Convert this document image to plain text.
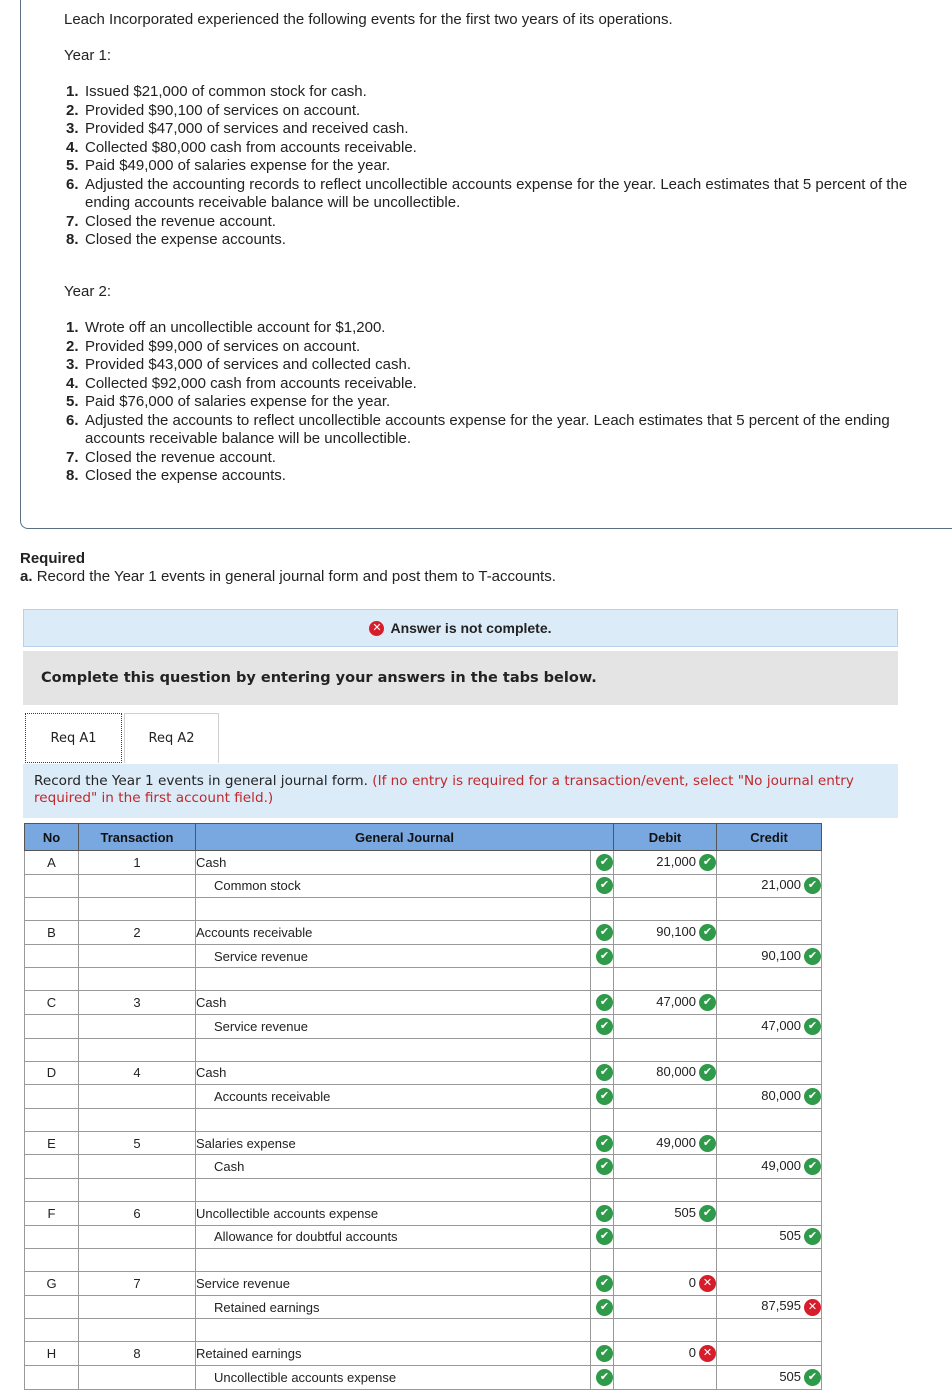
Leach Incorporated experienced the following events for the first two years of its operations.
Year 1:
1. Issued $21,000 of common stock for cash.
2. Provided $90,100 of services on account.
3. Provided $47,000 of services and received cash.
4. Collected $80,000 cash from accounts receivable.
5. Paid $49,000 of salaries expense for the year.
6. Adjusted the accounting records to reflect uncollectible accounts expense for the year. Leach estimates that 5 percent of the ending accounts receivable balance will be uncollectible.
7. Closed the revenue account.
8. Closed the expense accounts.
Year 2:
1. Wrote off an uncollectible account for $1,200.
2. Provided $99,000 of services on account.
3. Provided $43,000 of services and collected cash.
4. Collected $92,000 cash from accounts receivable.
5. Paid $76,000 of salaries expense for the year.
6. Adjusted the accounts to reflect uncollectible accounts expense for the year. Leach estimates that 5 percent of the ending accounts receivable balance will be uncollectible.
7. Closed the revenue account.
8. Closed the expense accounts.
Required
a. Record the Year 1 events in general journal form and post them to T-accounts.
✕ Answer is not complete.
Complete this question by entering your answers in the tabs below.
Req A1	Req A2
Record the Year 1 events in general journal form. (If no entry is required for a transaction/event, select "No journal entry required" in the first account field.)
No	Transaction	General Journal		Debit	Credit
A	1	Cash	✔	21,000 ✔	
		Common stock	✔		21,000 ✔

B	2	Accounts receivable	✔	90,100 ✔	
		Service revenue	✔		90,100 ✔

C	3	Cash	✔	47,000 ✔	
		Service revenue	✔		47,000 ✔

D	4	Cash	✔	80,000 ✔	
		Accounts receivable	✔		80,000 ✔

E	5	Salaries expense	✔	49,000 ✔	
		Cash	✔		49,000 ✔

F	6	Uncollectible accounts expense	✔	505 ✔	
		Allowance for doubtful accounts	✔		505 ✔

G	7	Service revenue	✔	0 ✕	
		Retained earnings	✔		87,595 ✕

H	8	Retained earnings	✔	0 ✕	
		Uncollectible accounts expense	✔		505 ✔
